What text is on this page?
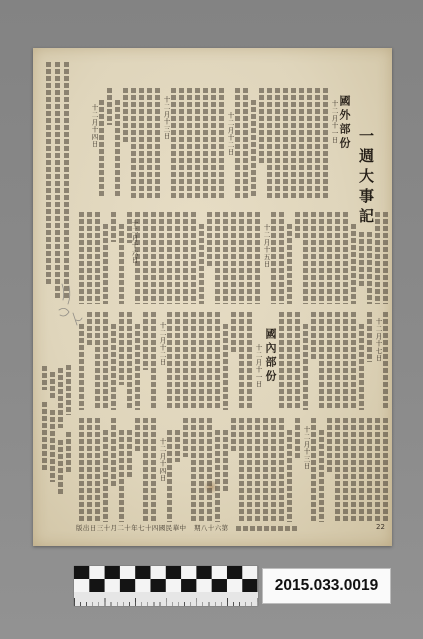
一週大事記
國外部份
國內部份
十二月十一日
十二月十二日
十二月十三日
十二月十四日
十二月十五日
十二月十六日
十二月十七日
十二月十一日
十二月十二日
十二月十三日
十二月十四日
版出日三十月二十年七十四國民華中 期八十六第	22
2015.033.0019
